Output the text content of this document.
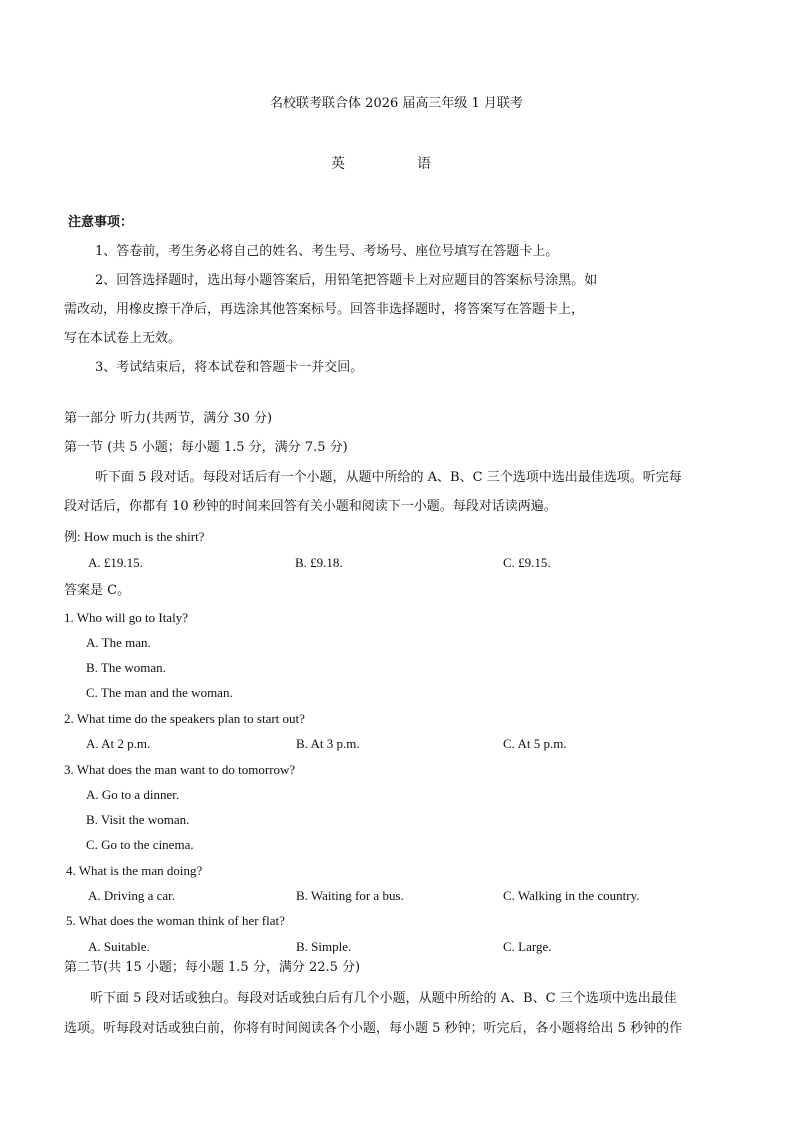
名校联考联合体 2026 届高三年级 1 月联考
英	语
注意事项：
1、答卷前，考生务必将自己的姓名、考生号、考场号、座位号填写在答题卡上。
2、回答选择题时，选出每小题答案后，用铅笔把答题卡上对应题目的答案标号涂黑。如
需改动，用橡皮擦干净后，再选涂其他答案标号。回答非选择题时，将答案写在答题卡上，
写在本试卷上无效。
3、考试结束后，将本试卷和答题卡一并交回。
第一部分 听力(共两节，满分 30 分)
第一节 (共 5 小题；每小题 1.5 分，满分 7.5 分)
听下面 5 段对话。每段对话后有一个小题，从题中所给的 A、B、C 三个选项中选出最佳选项。听完每
段对话后，你都有 10 秒钟的时间来回答有关小题和阅读下一小题。每段对话读两遍。
例: How much is the shirt?
A. £19.15.	B. £9.18.	C. £9.15.
答案是 C。
1. Who will go to Italy?
A. The man.
B. The woman.
C. The man and the woman.
2. What time do the speakers plan to start out?
A. At 2 p.m.	B. At 3 p.m.	C. At 5 p.m.
3. What does the man want to do tomorrow?
A. Go to a dinner.
B. Visit the woman.
C. Go to the cinema.
4. What is the man doing?
A. Driving a car.	B. Waiting for a bus.	C. Walking in the country.
5. What does the woman think of her flat?
A. Suitable.	B. Simple.	C. Large.
第二节(共 15 小题；每小题 1.5 分，满分 22.5 分)
听下面 5 段对话或独白。每段对话或独白后有几个小题，从题中所给的 A、B、C 三个选项中选出最佳
选项。听每段对话或独白前，你将有时间阅读各个小题，每小题 5 秒钟；听完后，各小题将给出 5 秒钟的作
